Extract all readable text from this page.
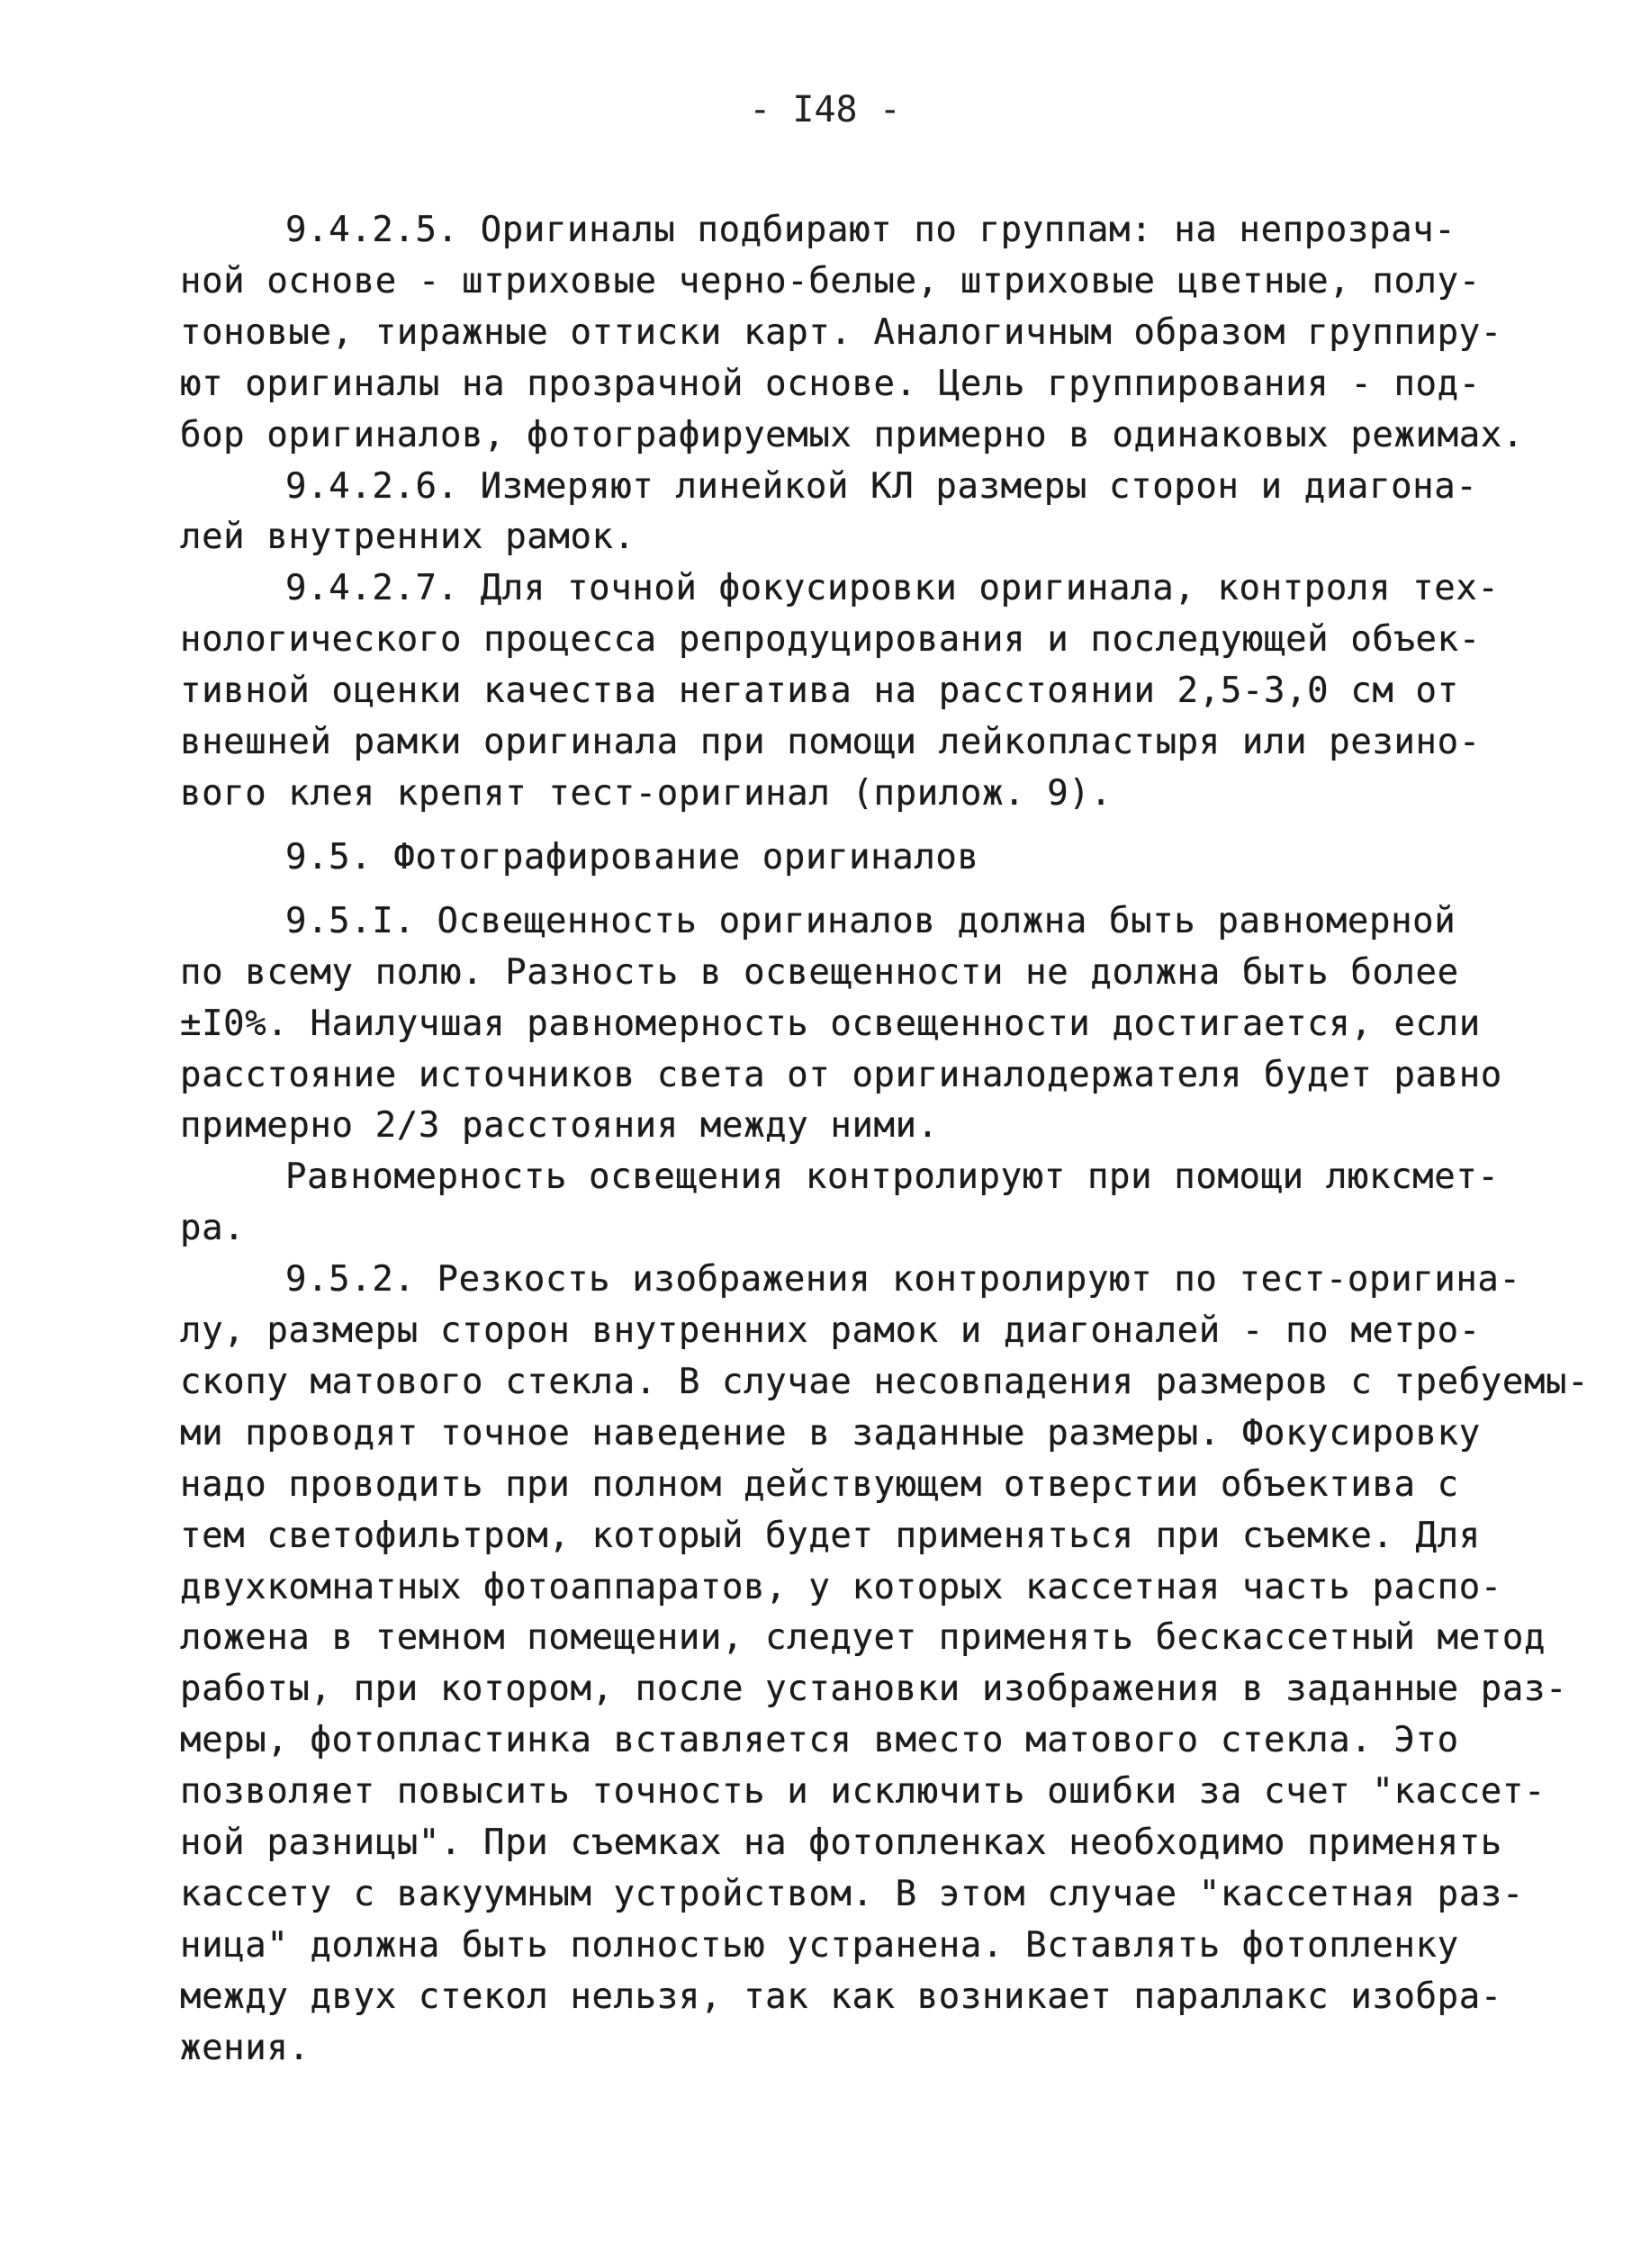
- I48 -
9.4.2.5. Оригиналы подбирают по группам: на непрозрач-
ной основе - штриховые черно-белые, штриховые цветные, полу-
тоновые, тиражные оттиски карт. Аналогичным образом группиру-
ют оригиналы на прозрачной основе. Цель группирования - под-
бор оригиналов, фотографируемых примерно в одинаковых режимах.
9.4.2.6. Измеряют линейкой КЛ размеры сторон и диагона-
лей внутренних рамок.
9.4.2.7. Для точной фокусировки оригинала, контроля тех-
нологического процесса репродуцирования и последующей объек-
тивной оценки качества негатива на расстоянии 2,5-3,0 см от
внешней рамки оригинала при помощи лейкопластыря или резино-
вого клея крепят тест-оригинал (прилож. 9).
9.5. Фотографирование оригиналов
9.5.I. Освещенность оригиналов должна быть равномерной
по всему полю. Разность в освещенности не должна быть более
±I0%. Наилучшая равномерность освещенности достигается, если
расстояние источников света от оригиналодержателя будет равно
примерно 2/3 расстояния между ними.
Равномерность освещения контролируют при помощи люксмет-
ра.
9.5.2. Резкость изображения контролируют по тест-оригина-
лу, размеры сторон внутренних рамок и диагоналей - по метро-
скопу матового стекла. В случае несовпадения размеров с требуемы-
ми проводят точное наведение в заданные размеры. Фокусировку
надо проводить при полном действующем отверстии объектива с
тем светофильтром, который будет применяться при съемке. Для
двухкомнатных фотоаппаратов, у которых кассетная часть распо-
ложена в темном помещении, следует применять бескассетный метод
работы, при котором, после установки изображения в заданные раз-
меры, фотопластинка вставляется вместо матового стекла. Это
позволяет повысить точность и исключить ошибки за счет "кассет-
ной разницы". При съемках на фотопленках необходимо применять
кассету с вакуумным устройством. В этом случае "кассетная раз-
ница" должна быть полностью устранена. Вставлять фотопленку
между двух стекол нельзя, так как возникает параллакс изобра-
жения.
